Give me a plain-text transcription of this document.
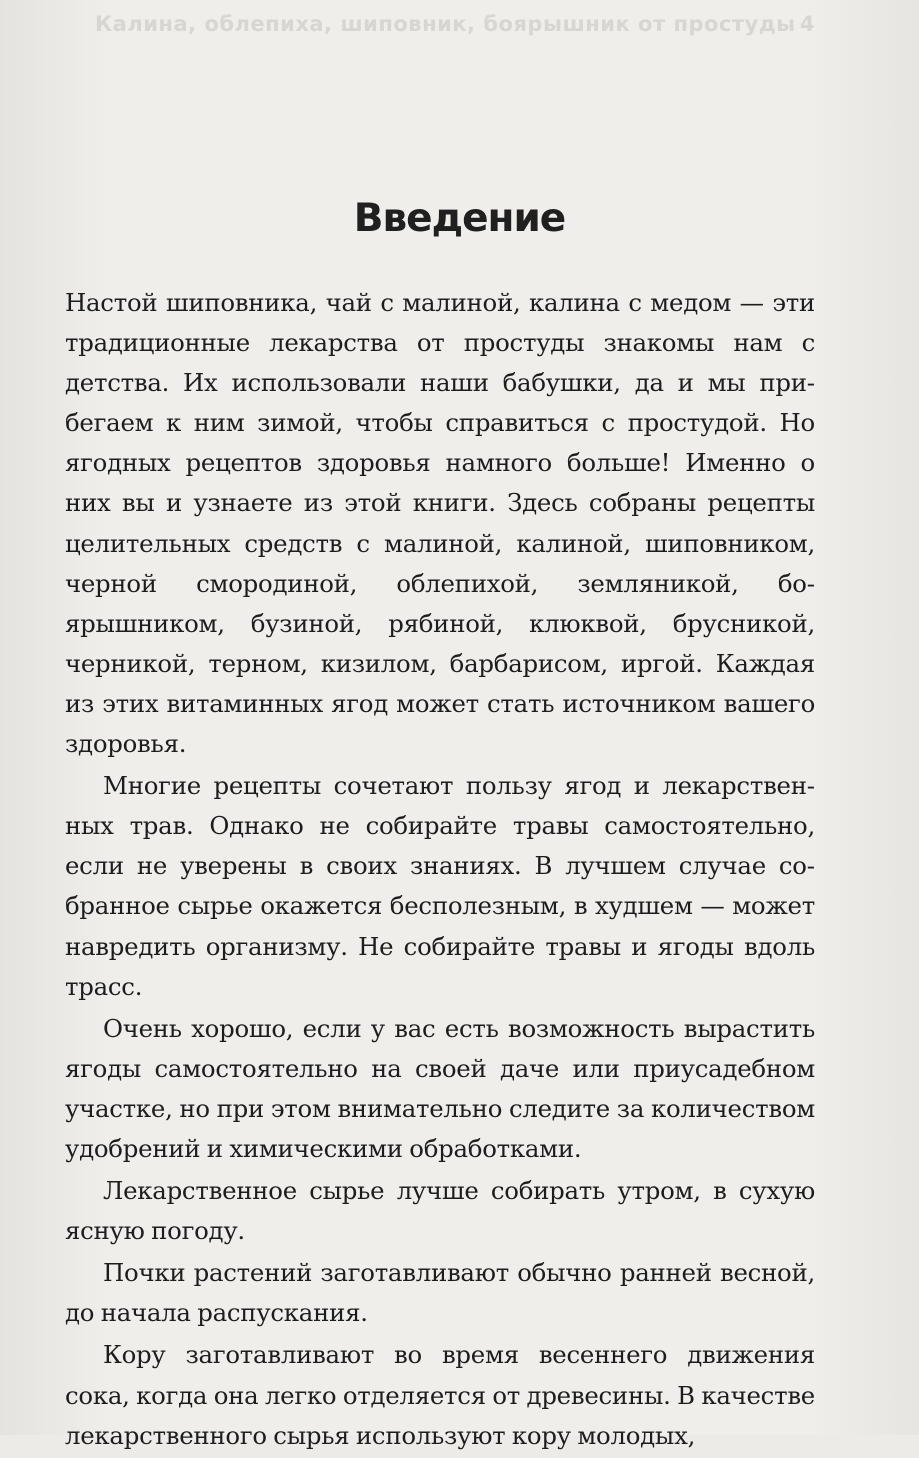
Калина, облепиха, шиповник, боярышник от простуды 4
Введение

Настой шиповника, чай с малиной, калина с медом — эти традиционные лекарства от простуды знакомы нам с детства. Их использовали наши бабушки, да и мы прибегаем к ним зимой, чтобы справиться с простудой. Но ягодных рецептов здоровья намного больше! Именно о них вы и узнаете из этой книги. Здесь собраны рецепты целительных средств с малиной, калиной, шиповником, черной смородиной, облепихой, земляникой, боярышником, бузиной, рябиной, клюквой, брусникой, черникой, терном, кизилом, барбарисом, иргой. Каждая из этих витаминных ягод может стать источником вашего здоровья.

Многие рецепты сочетают пользу ягод и лекарственных трав. Однако не собирайте травы самостоятельно, если не уверены в своих знаниях. В лучшем случае собранное сырье окажется бесполезным, в худшем — может навредить организму. Не собирайте травы и ягоды вдоль трасс.

Очень хорошо, если у вас есть возможность вырастить ягоды самостоятельно на своей даче или приусадебном участке, но при этом внимательно следите за количеством удобрений и химическими обработками.

Лекарственное сырье лучше собирать утром, в сухую ясную погоду.

Почки растений заготавливают обычно ранней весной, до начала распускания.

Кору заготавливают во время весеннего движения сока, когда она легко отделяется от древесины. В качестве лекарственного сырья используют кору молодых,
